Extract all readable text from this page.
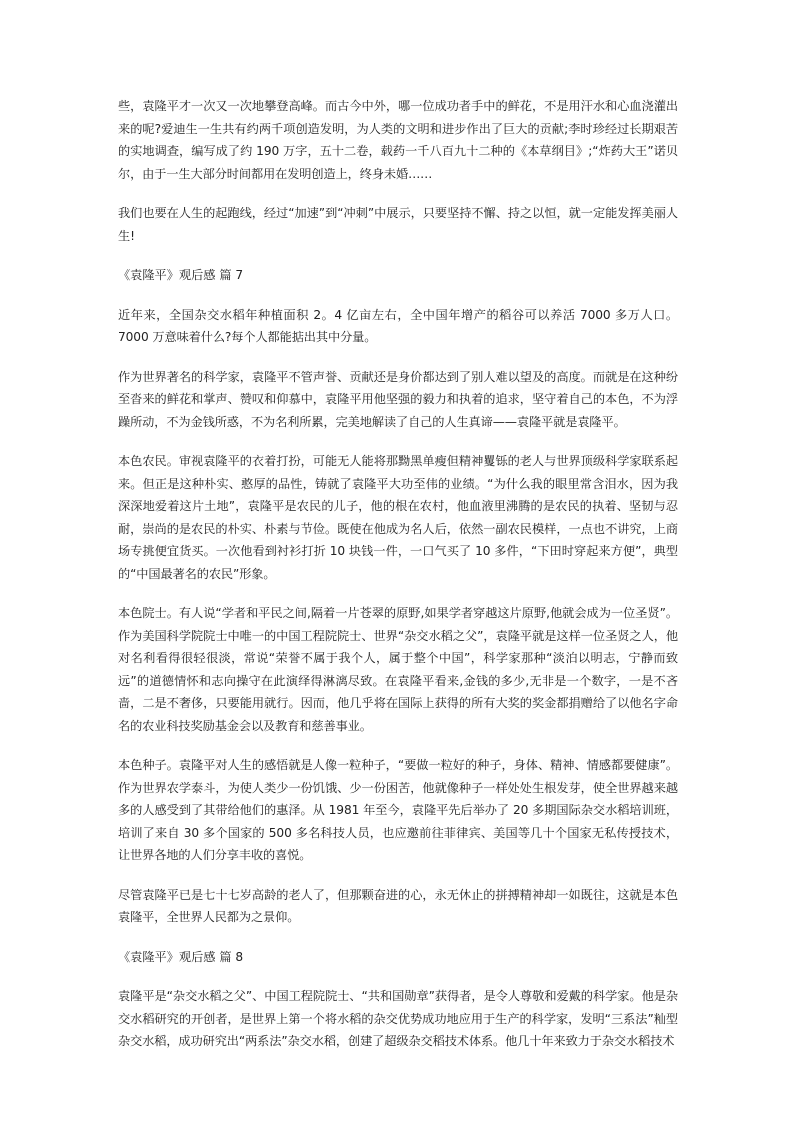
些，袁隆平才一次又一次地攀登高峰。而古今中外，哪一位成功者手中的鲜花，不是用汗水和心血浇灌出来的呢?爱迪生一生共有约两千项创造发明，为人类的文明和进步作出了巨大的贡献;李时珍经过长期艰苦的实地调查，编写成了约 190 万字，五十二卷，载药一千八百九十二种的《本草纲目》;“炸药大王”诺贝尔，由于一生大部分时间都用在发明创造上，终身未婚……

我们也要在人生的起跑线，经过“加速”到“冲刺”中展示，只要坚持不懈、持之以恒，就一定能发挥美丽人生!

《袁隆平》观后感 篇 7

近年来，全国杂交水稻年种植面积 2。4 亿亩左右，全中国年增产的稻谷可以养活 7000 多万人口。7000 万意味着什么?每个人都能掂出其中分量。

作为世界著名的科学家，袁隆平不管声誉、贡献还是身价都达到了别人难以望及的高度。而就是在这种纷至沓来的鲜花和掌声、赞叹和仰慕中，袁隆平用他坚强的毅力和执着的追求，坚守着自己的本色，不为浮躁所动，不为金钱所惑，不为名利所累，完美地解读了自己的人生真谛——袁隆平就是袁隆平。

本色农民。审视袁隆平的衣着打扮，可能无人能将那黝黑单瘦但精神矍铄的老人与世界顶级科学家联系起来。但正是这种朴实、憨厚的品性，铸就了袁隆平大功至伟的业绩。“为什么我的眼里常含泪水，因为我深深地爱着这片土地”，袁隆平是农民的儿子，他的根在农村，他血液里沸腾的是农民的执着、坚韧与忍耐，崇尚的是农民的朴实、朴素与节俭。既使在他成为名人后，依然一副农民模样，一点也不讲究，上商场专挑便宜货买。一次他看到衬衫打折 10 块钱一件，一口气买了 10 多件，“下田时穿起来方便”，典型的“中国最著名的农民”形象。

本色院士。有人说“学者和平民之间,隔着一片苍翠的原野,如果学者穿越这片原野,他就会成为一位圣贤”。作为美国科学院院士中唯一的中国工程院院士、世界“杂交水稻之父”，袁隆平就是这样一位圣贤之人，他对名利看得很轻很淡，常说“荣誉不属于我个人，属于整个中国”，科学家那种“淡泊以明志，宁静而致远”的道德情怀和志向操守在此演绎得淋漓尽致。在袁隆平看来,金钱的多少,无非是一个数字，一是不吝啬，二是不奢侈，只要能用就行。因而，他几乎将在国际上获得的所有大奖的奖金都捐赠给了以他名字命名的农业科技奖励基金会以及教育和慈善事业。

本色种子。袁隆平对人生的感悟就是人像一粒种子，“要做一粒好的种子，身体、精神、情感都要健康”。作为世界农学泰斗，为使人类少一份饥饿、少一份困苦，他就像种子一样处处生根发芽，使全世界越来越多的人感受到了其带给他们的惠泽。从 1981 年至今，袁隆平先后举办了 20 多期国际杂交水稻培训班，培训了来自 30 多个国家的 500 多名科技人员，也应邀前往菲律宾、美国等几十个国家无私传授技术，让世界各地的人们分享丰收的喜悦。

尽管袁隆平已是七十七岁高龄的老人了，但那颗奋进的心，永无休止的拼搏精神却一如既往，这就是本色袁隆平，全世界人民都为之景仰。

《袁隆平》观后感 篇 8

袁隆平是“杂交水稻之父”、中国工程院院士、“共和国勋章”获得者，是令人尊敬和爱戴的科学家。他是杂交水稻研究的开创者，是世界上第一个将水稻的杂交优势成功地应用于生产的科学家，发明“三系法”籼型杂交水稻，成功研究出“两系法”杂交水稻，创建了超级杂交稻技术体系。他几十年来致力于杂交水稻技术
